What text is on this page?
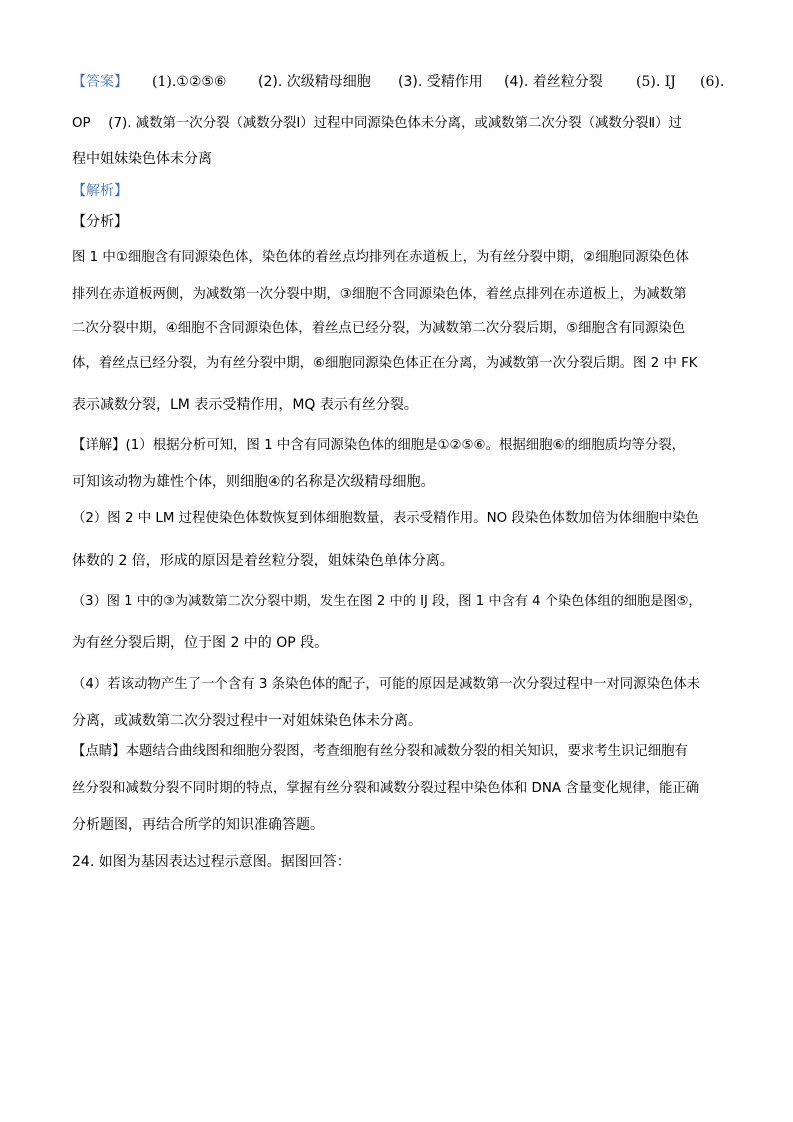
【答案】 (1).①②⑤⑥ (2). 次级精母细胞 (3). 受精作用 (4). 着丝粒分裂 (5). IJ (6).
OP　 (7). 减数第一次分裂（减数分裂Ⅰ）过程中同源染色体未分离，或减数第二次分裂（减数分裂Ⅱ）过
程中姐妹染色体未分离
【解析】
【分析】
图 1 中①细胞含有同源染色体，染色体的着丝点均排列在赤道板上，为有丝分裂中期，②细胞同源染色体
排列在赤道板两侧，为减数第一次分裂中期，③细胞不含同源染色体，着丝点排列在赤道板上，为减数第
二次分裂中期，④细胞不含同源染色体，着丝点已经分裂，为减数第二次分裂后期，⑤细胞含有同源染色
体，着丝点已经分裂，为有丝分裂中期，⑥细胞同源染色体正在分离，为减数第一次分裂后期。图 2 中 FK
表示减数分裂，LM 表示受精作用，MQ 表示有丝分裂。
【详解】(1）根据分析可知，图 1 中含有同源染色体的细胞是①②⑤⑥。根据细胞⑥的细胞质均等分裂，
可知该动物为雄性个体，则细胞④的名称是次级精母细胞。
（2）图 2 中 LM 过程使染色体数恢复到体细胞数量，表示受精作用。NO 段染色体数加倍为体细胞中染色
体数的 2 倍，形成的原因是着丝粒分裂，姐妹染色单体分离。
（3）图 1 中的③为减数第二次分裂中期，发生在图 2 中的 IJ 段，图 1 中含有 4 个染色体组的细胞是图⑤，
为有丝分裂后期，位于图 2 中的 OP 段。
（4）若该动物产生了一个含有 3 条染色体的配子，可能的原因是减数第一次分裂过程中一对同源染色体未
分离，或减数第二次分裂过程中一对姐妹染色体未分离。
【点睛】本题结合曲线图和细胞分裂图，考查细胞有丝分裂和减数分裂的相关知识，要求考生识记细胞有
丝分裂和减数分裂不同时期的特点，掌握有丝分裂和减数分裂过程中染色体和 DNA 含量变化规律，能正确
分析题图，再结合所学的知识准确答题。
24. 如图为基因表达过程示意图。据图回答：
